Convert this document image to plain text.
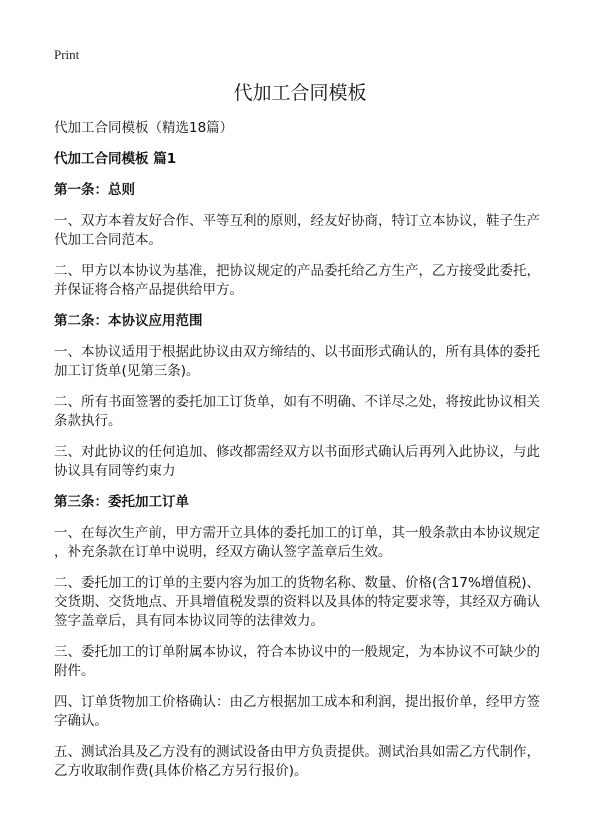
Print
代加工合同模板
代加工合同模板（精选18篇）
代加工合同模板 篇1
第一条：总则
一、双方本着友好合作、平等互利的原则，经友好协商，特订立本协议，鞋子生产
代加工合同范本。
二、甲方以本协议为基准，把协议规定的产品委托给乙方生产，乙方接受此委托，
并保证将合格产品提供给甲方。
第二条：本协议应用范围
一、本协议适用于根据此协议由双方缔结的、以书面形式确认的，所有具体的委托
加工订货单(见第三条)。
二、所有书面签署的委托加工订货单，如有不明确、不详尽之处，将按此协议相关
条款执行。
三、对此协议的任何追加、修改都需经双方以书面形式确认后再列入此协议，与此
协议具有同等约束力
第三条：委托加工订单
一、在每次生产前，甲方需开立具体的委托加工的订单，其一般条款由本协议规定
，补充条款在订单中说明，经双方确认签字盖章后生效。
二、委托加工的订单的主要内容为加工的货物名称、数量、价格(含17%增值税)、
交货期、交货地点、开具增值税发票的资料以及具体的特定要求等，其经双方确认
签字盖章后，具有同本协议同等的法律效力。
三、委托加工的订单附属本协议，符合本协议中的一般规定，为本协议不可缺少的
附件。
四、订单货物加工价格确认：由乙方根据加工成本和利润，提出报价单，经甲方签
字确认。
五、测试治具及乙方没有的测试设备由甲方负责提供。测试治具如需乙方代制作，
乙方收取制作费(具体价格乙方另行报价)。
